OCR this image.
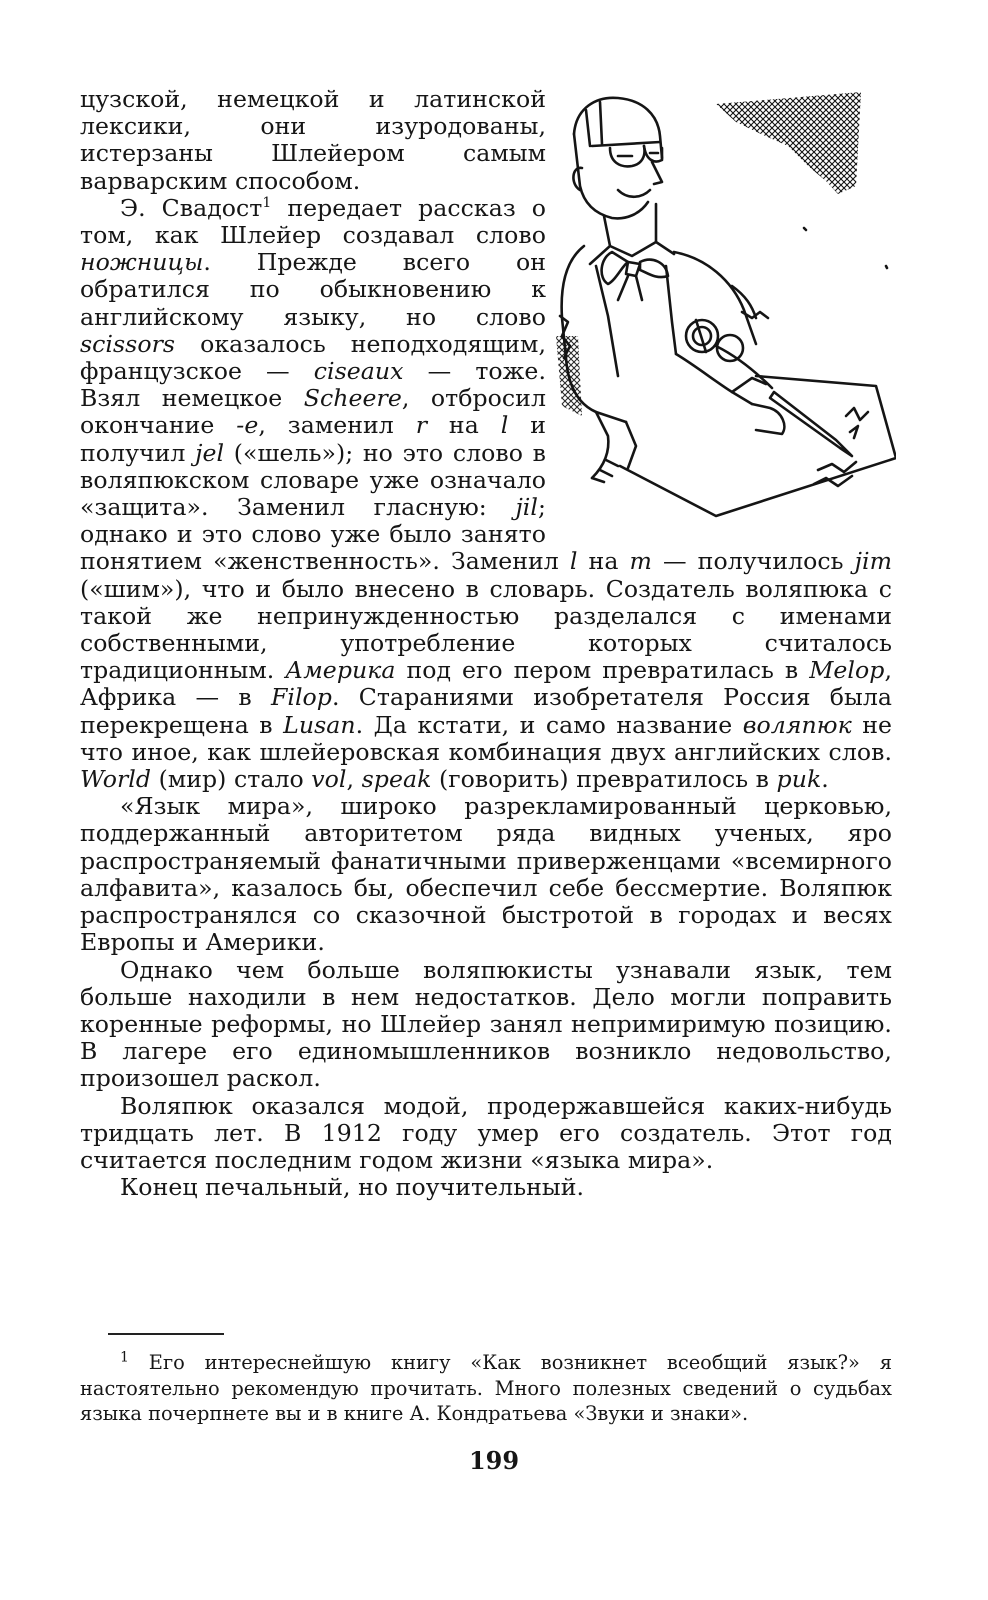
цузской, немецкой и латинской лексики, они изуродованы, истерзаны Шлейером самым варварским способом.

Э. Свадост$^1$ передает рассказ о том, как Шлейер создавал слово ножницы. Прежде всего он обратился по обыкновению к английскому языку, но слово scissors оказалось неподходящим, французское — ciseaux — тоже. Взял немецкое Scheere, отбросил окончание -e, заменил r на l и получил jel («шель»); но это слово в воляпюкском словаре уже означало «защита». Заменил гласную: jil; однако и это слово уже было занято понятием «женственность». Заменил l на m — получилось jim («шим»), что и было внесено в словарь. Создатель воляпюка с такой же непринужденностью разделался с именами собственными, употребление которых считалось традиционным. Америка под его пером превратилась в Melop, Африка — в Filop. Стараниями изобретателя Россия была перекрещена в Lusan. Да кстати, и само название воляпюк не что иное, как шлейеровская комбинация двух английских слов. World (мир) стало vol, speak (говорить) превратилось в puk.

«Язык мира», широко разрекламированный церковью, поддержанный авторитетом ряда видных ученых, яро распространяемый фанатичными приверженцами «всемирного алфавита», казалось бы, обеспечил себе бессмертие. Воляпюк распространялся со сказочной быстротой в городах и весях Европы и Америки.

Однако чем больше воляпюкисты узнавали язык, тем больше находили в нем недостатков. Дело могли поправить коренные реформы, но Шлейер занял непримиримую позицию. В лагере его единомышленников возникло недовольство, произошел раскол.

Воляпюк оказался модой, продержавшейся каких-нибудь тридцать лет. В 1912 году умер его создатель. Этот год считается последним годом жизни «языка мира».

Конец печальный, но поучительный.

$^1$ Его интереснейшую книгу «Как возникнет всеобщий язык?» я настоятельно рекомендую прочитать. Много полезных сведений о судьбах языка почерпнете вы и в книге А. Кондратьева «Звуки и знаки».
199
